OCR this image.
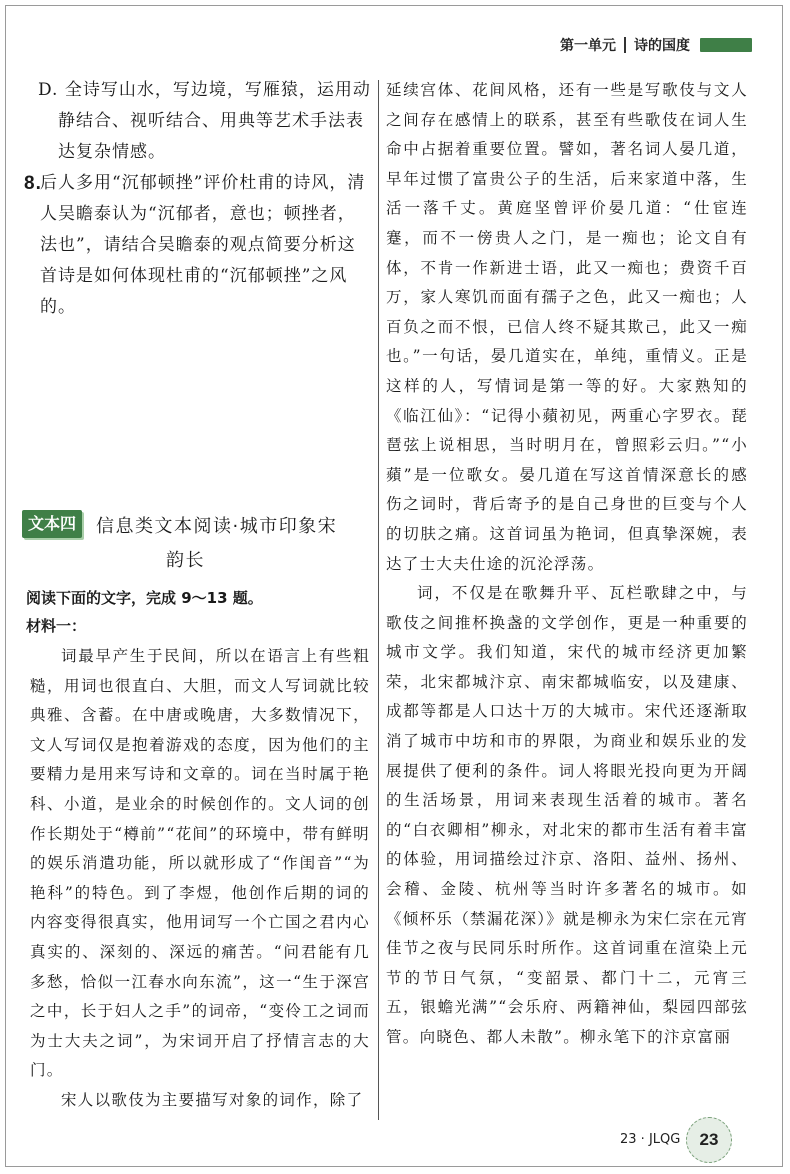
第一单元 诗的国度
D. 全诗写山水，写边境，写雁猿，运用动静结合、视听结合、用典等艺术手法表达复杂情感。
8.
后人多用“沉郁顿挫”评价杜甫的诗风，清人吴瞻泰认为“沉郁者，意也；顿挫者，法也”，请结合吴瞻泰的观点简要分析这首诗是如何体现杜甫的“沉郁顿挫”之风的。
文本四	信息类文本阅读·城市印象宋
韵长
阅读下面的文字，完成 9～13 题。
材料一：
词最早产生于民间，所以在语言上有些粗糙，用词也很直白、大胆，而文人写词就比较典雅、含蓄。在中唐或晚唐，大多数情况下，文人写词仅是抱着游戏的态度，因为他们的主要精力是用来写诗和文章的。词在当时属于艳科、小道，是业余的时候创作的。文人词的创作长期处于“樽前”“花间”的环境中，带有鲜明的娱乐消遣功能，所以就形成了“作闺音”“为艳科”的特色。到了李煜，他创作后期的词的内容变得很真实，他用词写一个亡国之君内心真实的、深刻的、深远的痛苦。“问君能有几多愁，恰似一江春水向东流”，这一“生于深宫之中，长于妇人之手”的词帝，“变伶工之词而为士大夫之词”，为宋词开启了抒情言志的大门。
宋人以歌伎为主要描写对象的词作，除了
延续宫体、花间风格，还有一些是写歌伎与文人之间存在感情上的联系，甚至有些歌伎在词人生命中占据着重要位置。譬如，著名词人晏几道，早年过惯了富贵公子的生活，后来家道中落，生活一落千丈。黄庭坚曾评价晏几道：“仕宦连蹇，而不一傍贵人之门，是一痴也；论文自有体，不肯一作新进士语，此又一痴也；费资千百万，家人寒饥而面有孺子之色，此又一痴也；人百负之而不恨，已信人终不疑其欺己，此又一痴也。”一句话，晏几道实在，单纯，重情义。正是这样的人，写情词是第一等的好。大家熟知的《临江仙》：“记得小蘋初见，两重心字罗衣。琵琶弦上说相思，当时明月在，曾照彩云归。”“小蘋”是一位歌女。晏几道在写这首情深意长的感伤之词时，背后寄予的是自己身世的巨变与个人的切肤之痛。这首词虽为艳词，但真挚深婉，表达了士大夫仕途的沉沦浮荡。
词，不仅是在歌舞升平、瓦栏歌肆之中，与歌伎之间推杯换盏的文学创作，更是一种重要的城市文学。我们知道，宋代的城市经济更加繁荣，北宋都城汴京、南宋都城临安，以及建康、成都等都是人口达十万的大城市。宋代还逐渐取消了城市中坊和市的界限，为商业和娱乐业的发展提供了便利的条件。词人将眼光投向更为开阔的生活场景，用词来表现生活着的城市。著名的“白衣卿相”柳永，对北宋的都市生活有着丰富的体验，用词描绘过汴京、洛阳、益州、扬州、会稽、金陵、杭州等当时许多著名的城市。如《倾杯乐（禁漏花深）》就是柳永为宋仁宗在元宵佳节之夜与民同乐时所作。这首词重在渲染上元节的节日气氛，“变韶景、都门十二，元宵三五，银蟾光满”“会乐府、两籍神仙，梨园四部弦管。向晓色、都人未散”。柳永笔下的汴京富丽
23 · JLQG 23
